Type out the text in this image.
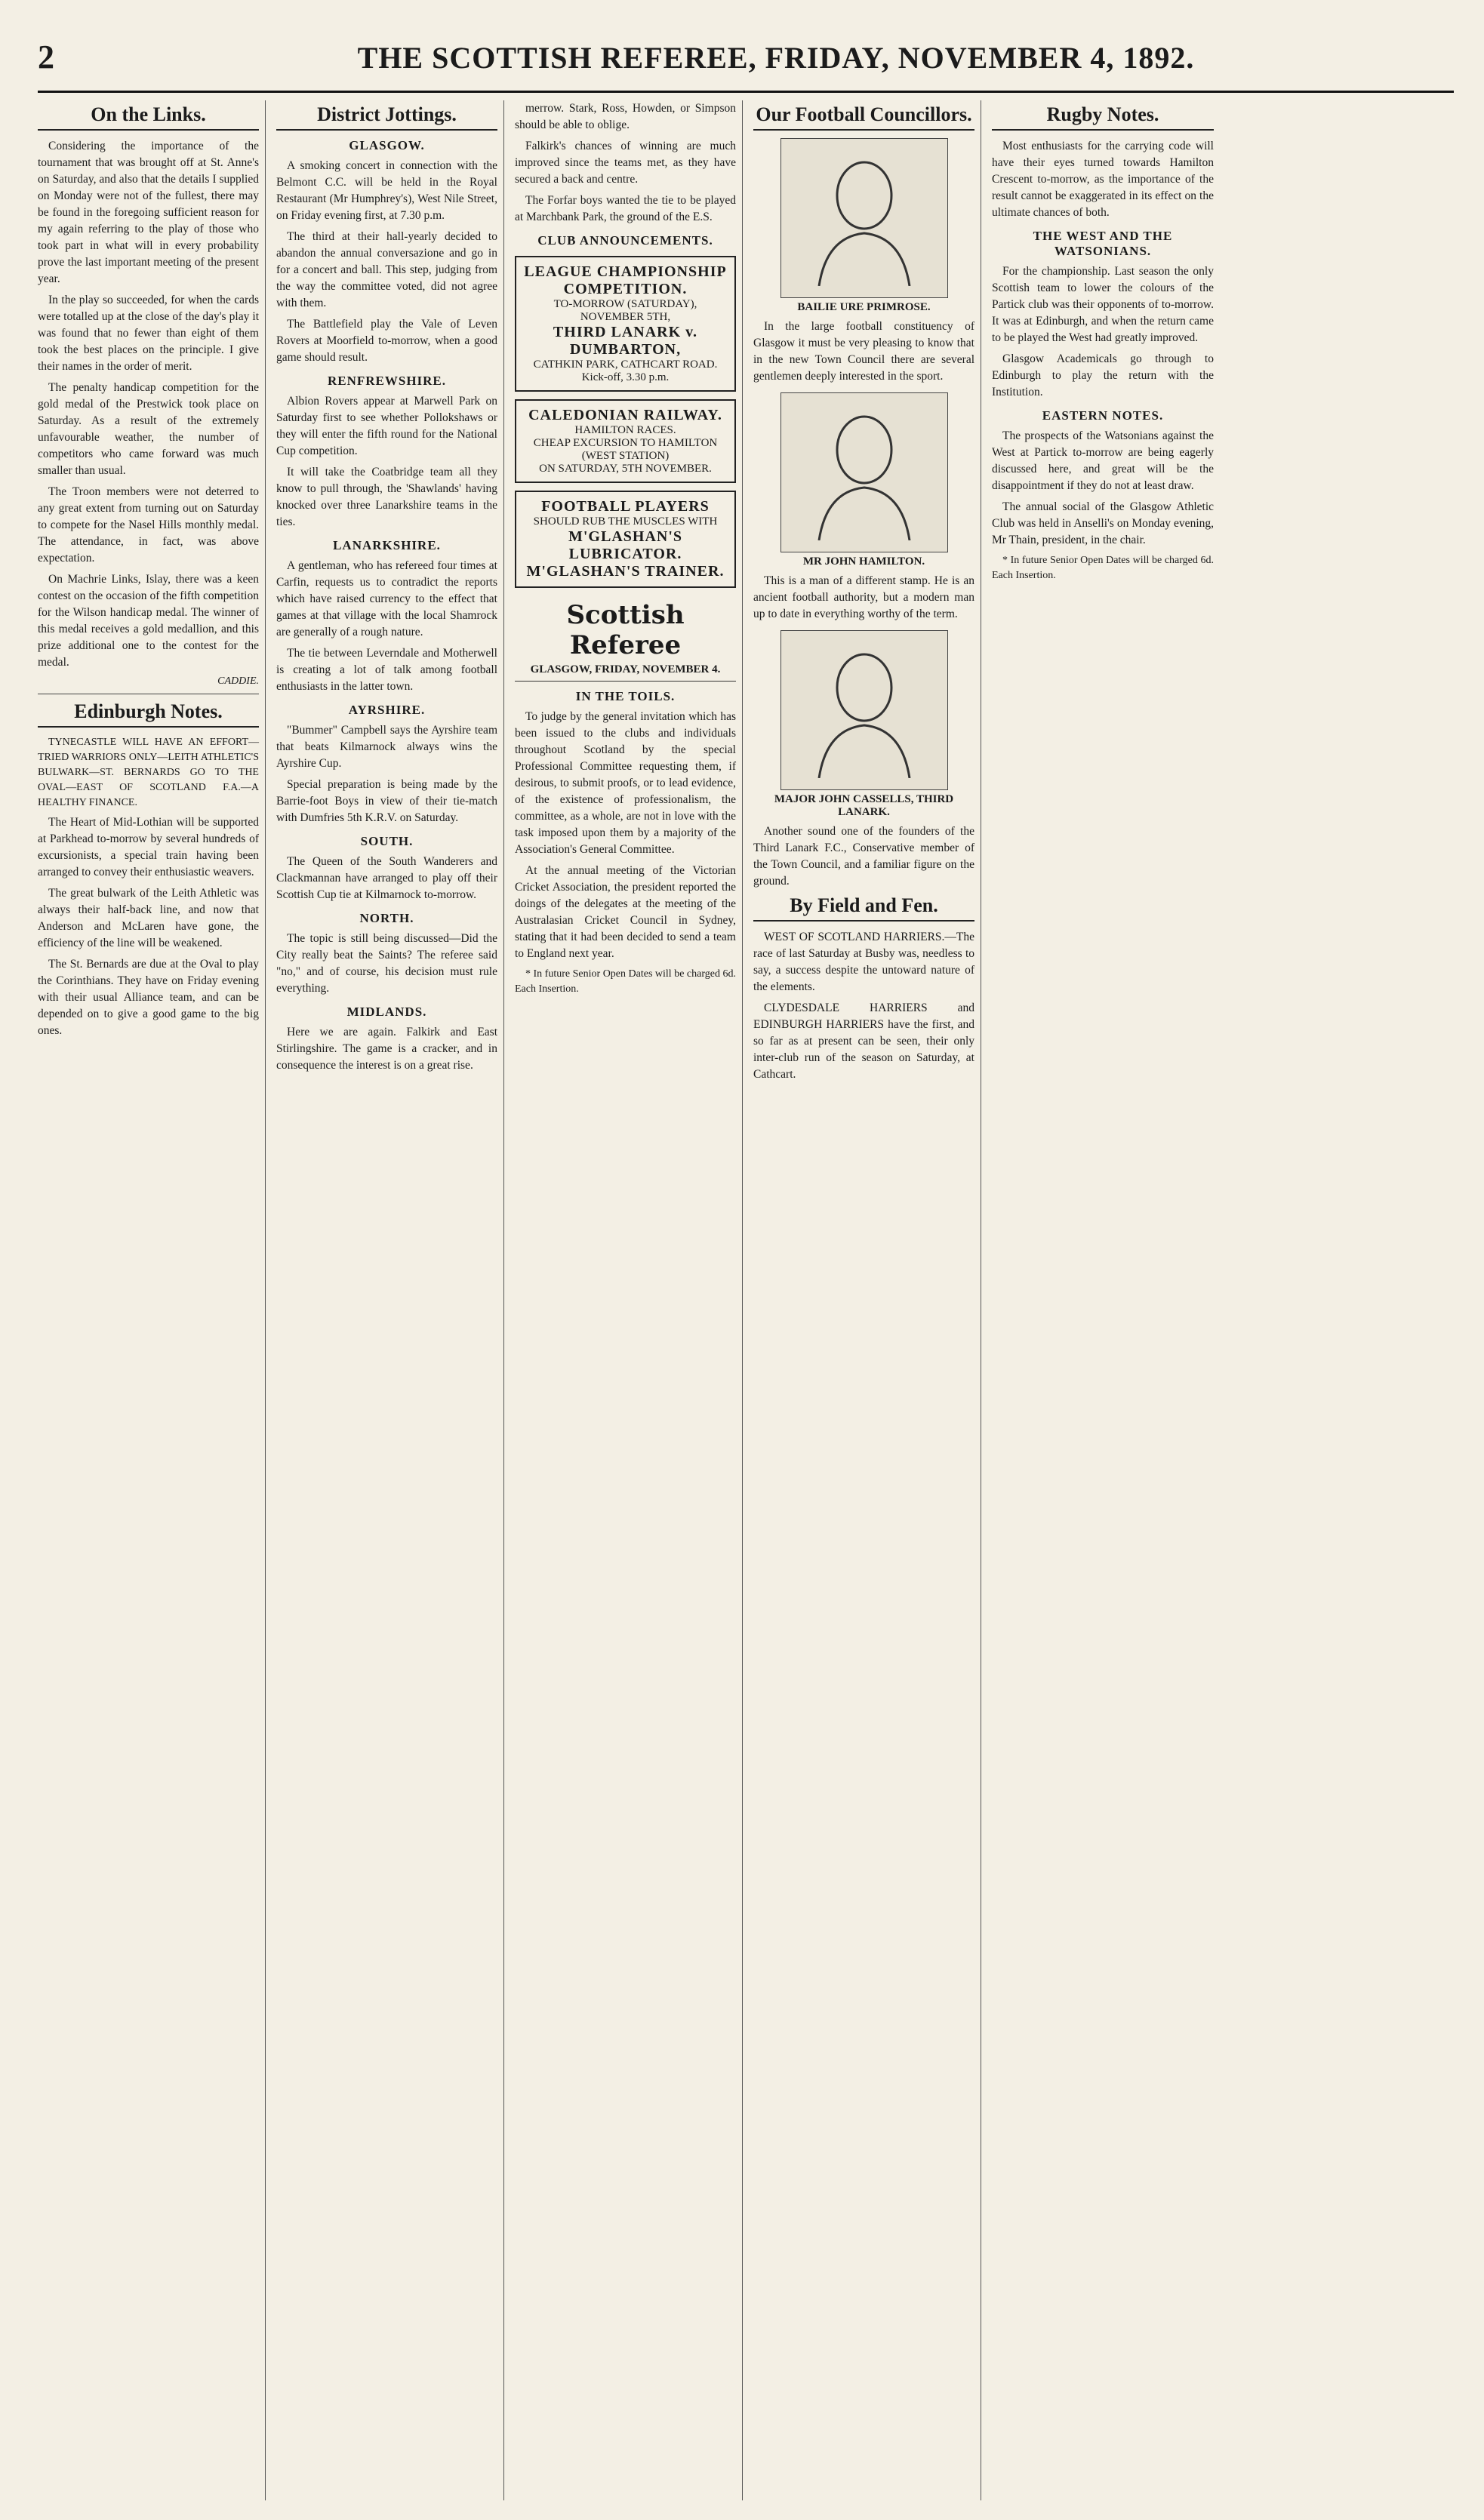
2	THE SCOTTISH REFEREE, FRIDAY, NOVEMBER 4, 1892.
On the Links.

Considering the importance of the tournament that was brought off at St. Anne's on Saturday, and also that the details I supplied on Monday were not of the fullest, there may be found in the foregoing sufficient reason for my again referring to the play of those who took part in what will in every probability prove the last important meeting of the present year.

In the play so succeeded, for when the cards were totalled up at the close of the day's play it was found that no fewer than eight of them took the best places on the principle. I give their names in the order of merit.

The penalty handicap competition for the gold medal of the Prestwick took place on Saturday. As a result of the extremely unfavourable weather, the number of competitors who came forward was much smaller than usual.

The Troon members were not deterred to any great extent from turning out on Saturday to compete for the Nasel Hills monthly medal. The attendance, in fact, was above expectation.

On Machrie Links, Islay, there was a keen contest on the occasion of the fifth competition for the Wilson handicap medal. The winner of this medal receives a gold medallion, and this prize additional one to the contest for the medal.

CADDIE.
Edinburgh Notes.

TYNECASTLE WILL HAVE AN EFFORT—TRIED WARRIORS ONLY—LEITH ATHLETIC'S BULWARK—ST. BERNARDS GO TO THE OVAL—EAST OF SCOTLAND F.A.—A HEALTHY FINANCE.

The Heart of Mid-Lothian will be supported at Parkhead to-morrow by several hundreds of excursionists, a special train having been arranged to convey their enthusiastic weavers.

The great bulwark of the Leith Athletic was always their half-back line, and now that Anderson and McLaren have gone, the efficiency of the line will be weakened.

The St. Bernards are due at the Oval to play the Corinthians. They have on Friday evening with their usual Alliance team, and can be depended on to give a good game to the big ones.

District Jottings.
GLASGOW.

A smoking concert in connection with the Belmont C.C. will be held in the Royal Restaurant (Mr Humphrey's), West Nile Street, on Friday evening first, at 7.30 p.m.

The third at their hall-yearly decided to abandon the annual conversazione and go in for a concert and ball. This step, judging from the way the committee voted, did not agree with them.

The Battlefield play the Vale of Leven Rovers at Moorfield to-morrow, when a good game should result.

RENFREWSHIRE.

Albion Rovers appear at Marwell Park on Saturday first to see whether Pollokshaws or they will enter the fifth round for the National Cup competition.

It will take the Coatbridge team all they know to pull through, the 'Shawlands' having knocked over three Lanarkshire teams in the ties.

LANARKSHIRE.

A gentleman, who has refereed four times at Carfin, requests us to contradict the reports which have raised currency to the effect that games at that village with the local Shamrock are generally of a rough nature.

The tie between Leverndale and Motherwell is creating a lot of talk among football enthusiasts in the latter town.

AYRSHIRE.

"Bummer" Campbell says the Ayrshire team that beats Kilmarnock always wins the Ayrshire Cup.

Special preparation is being made by the Barrie-foot Boys in view of their tie-match with Dumfries 5th K.R.V. on Saturday.

SOUTH.

The Queen of the South Wanderers and Clackmannan have arranged to play off their Scottish Cup tie at Kilmarnock to-morrow.

NORTH.

The topic is still being discussed—Did the City really beat the Saints? The referee said "no," and of course, his decision must rule everything.

MIDLANDS.

Here we are again. Falkirk and East Stirlingshire. The game is a cracker, and in consequence the interest is on a great rise.

merrow. Stark, Ross, Howden, or Simpson should be able to oblige.

Falkirk's chances of winning are much improved since the teams met, as they have secured a back and centre.

The Forfar boys wanted the tie to be played at Marchbank Park, the ground of the E.S.

CLUB ANNOUNCEMENTS.
LEAGUE CHAMPIONSHIP COMPETITION.
TO-MORROW (SATURDAY), NOVEMBER 5TH,
THIRD LANARK v. DUMBARTON,
CATHKIN PARK, CATHCART ROAD.
Kick-off, 3.30 p.m.
CALEDONIAN RAILWAY.
HAMILTON RACES.
CHEAP EXCURSION TO HAMILTON (WEST STATION)
ON SATURDAY, 5TH NOVEMBER.
FOOTBALL PLAYERS
SHOULD RUB THE MUSCLES WITH
M'GLASHAN'S LUBRICATOR.
M'GLASHAN'S TRAINER.
Scottish Referee
GLASGOW, FRIDAY, NOVEMBER 4.
IN THE TOILS.

To judge by the general invitation which has been issued to the clubs and individuals throughout Scotland by the special Professional Committee requesting them, if desirous, to submit proofs, or to lead evidence, of the existence of professionalism, the committee, as a whole, are not in love with the task imposed upon them by a majority of the Association's General Committee.

At the annual meeting of the Victorian Cricket Association, the president reported the doings of the delegates at the meeting of the Australasian Cricket Council in Sydney, stating that it had been decided to send a team to England next year.

* In future Senior Open Dates will be charged 6d. Each Insertion.

Our Football Councillors.
BAILIE URE PRIMROSE.

In the large football constituency of Glasgow it must be very pleasing to know that in the new Town Council there are several gentlemen deeply interested in the sport.

MR JOHN HAMILTON.

This is a man of a different stamp. He is an ancient football authority, but a modern man up to date in everything worthy of the term.

MAJOR JOHN CASSELLS, THIRD LANARK.

Another sound one of the founders of the Third Lanark F.C., Conservative member of the Town Council, and a familiar figure on the ground.

By Field and Fen.

WEST OF SCOTLAND HARRIERS.—The race of last Saturday at Busby was, needless to say, a success despite the untoward nature of the elements.

CLYDESDALE HARRIERS and EDINBURGH HARRIERS have the first, and so far as at present can be seen, their only inter-club run of the season on Saturday, at Cathcart.

Rugby Notes.

Most enthusiasts for the carrying code will have their eyes turned towards Hamilton Crescent to-morrow, as the importance of the result cannot be exaggerated in its effect on the ultimate chances of both.

THE WEST AND THE WATSONIANS.

For the championship. Last season the only Scottish team to lower the colours of the Partick club was their opponents of to-morrow. It was at Edinburgh, and when the return came to be played the West had greatly improved.

Glasgow Academicals go through to Edinburgh to play the return with the Institution.

EASTERN NOTES.

The prospects of the Watsonians against the West at Partick to-morrow are being eagerly discussed here, and great will be the disappointment if they do not at least draw.

The annual social of the Glasgow Athletic Club was held in Anselli's on Monday evening, Mr Thain, president, in the chair.

* In future Senior Open Dates will be charged 6d. Each Insertion.
